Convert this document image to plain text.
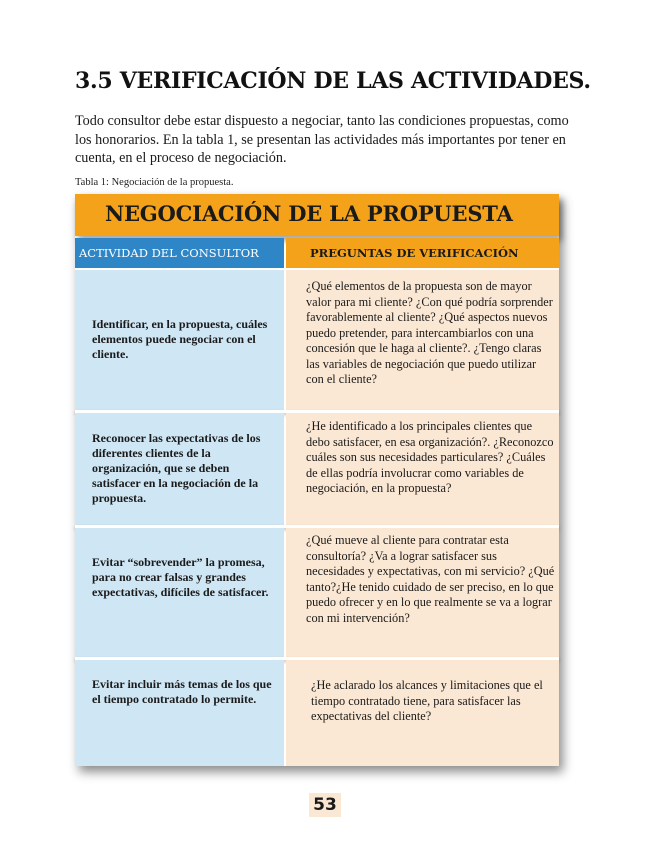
3.5 VERIFICACIÓN DE LAS ACTIVIDADES.
Todo consultor debe estar dispuesto a negociar, tanto las condiciones propuestas, como los honorarios. En la tabla 1, se presentan las actividades más importantes por tener en cuenta, en el proceso de negociación.
Tabla 1: Negociación de la propuesta.
NEGOCIACIÓN DE LA PROPUESTA
ACTIVIDAD DEL CONSULTOR	PREGUNTAS DE VERIFICACIÓN
Identificar, en la propuesta, cuáles elementos puede negociar con el cliente.
¿Qué elementos de la propuesta son de mayor valor para mi cliente? ¿Con qué podría sorprender favorablemente al cliente? ¿Qué aspectos nuevos puedo pretender, para intercambiarlos con una concesión que le haga al cliente?. ¿Tengo claras las variables de negociación que puedo utilizar con el cliente?
Reconocer las expectativas de los diferentes clientes de la organización, que se deben satisfacer en la negociación de la propuesta.
¿He identificado a los principales clientes que debo satisfacer, en esa organización?. ¿Reconozco cuáles son sus necesidades particulares? ¿Cuáles de ellas podría involucrar como variables de negociación, en la propuesta?
Evitar “sobrevender” la promesa, para no crear falsas y grandes expectativas, difíciles de satisfacer.
¿Qué mueve al cliente para contratar esta consultoría? ¿Va a lograr satisfacer sus necesidades y expectativas, con mi servicio? ¿Qué tanto?¿He tenido cuidado de ser preciso, en lo que puedo ofrecer y en lo que realmente se va a lograr con mi intervención?
Evitar incluir más temas de los que el tiempo contratado lo permite.
¿He aclarado los alcances y limitaciones que el tiempo contratado tiene, para satisfacer las expectativas del cliente?
53
